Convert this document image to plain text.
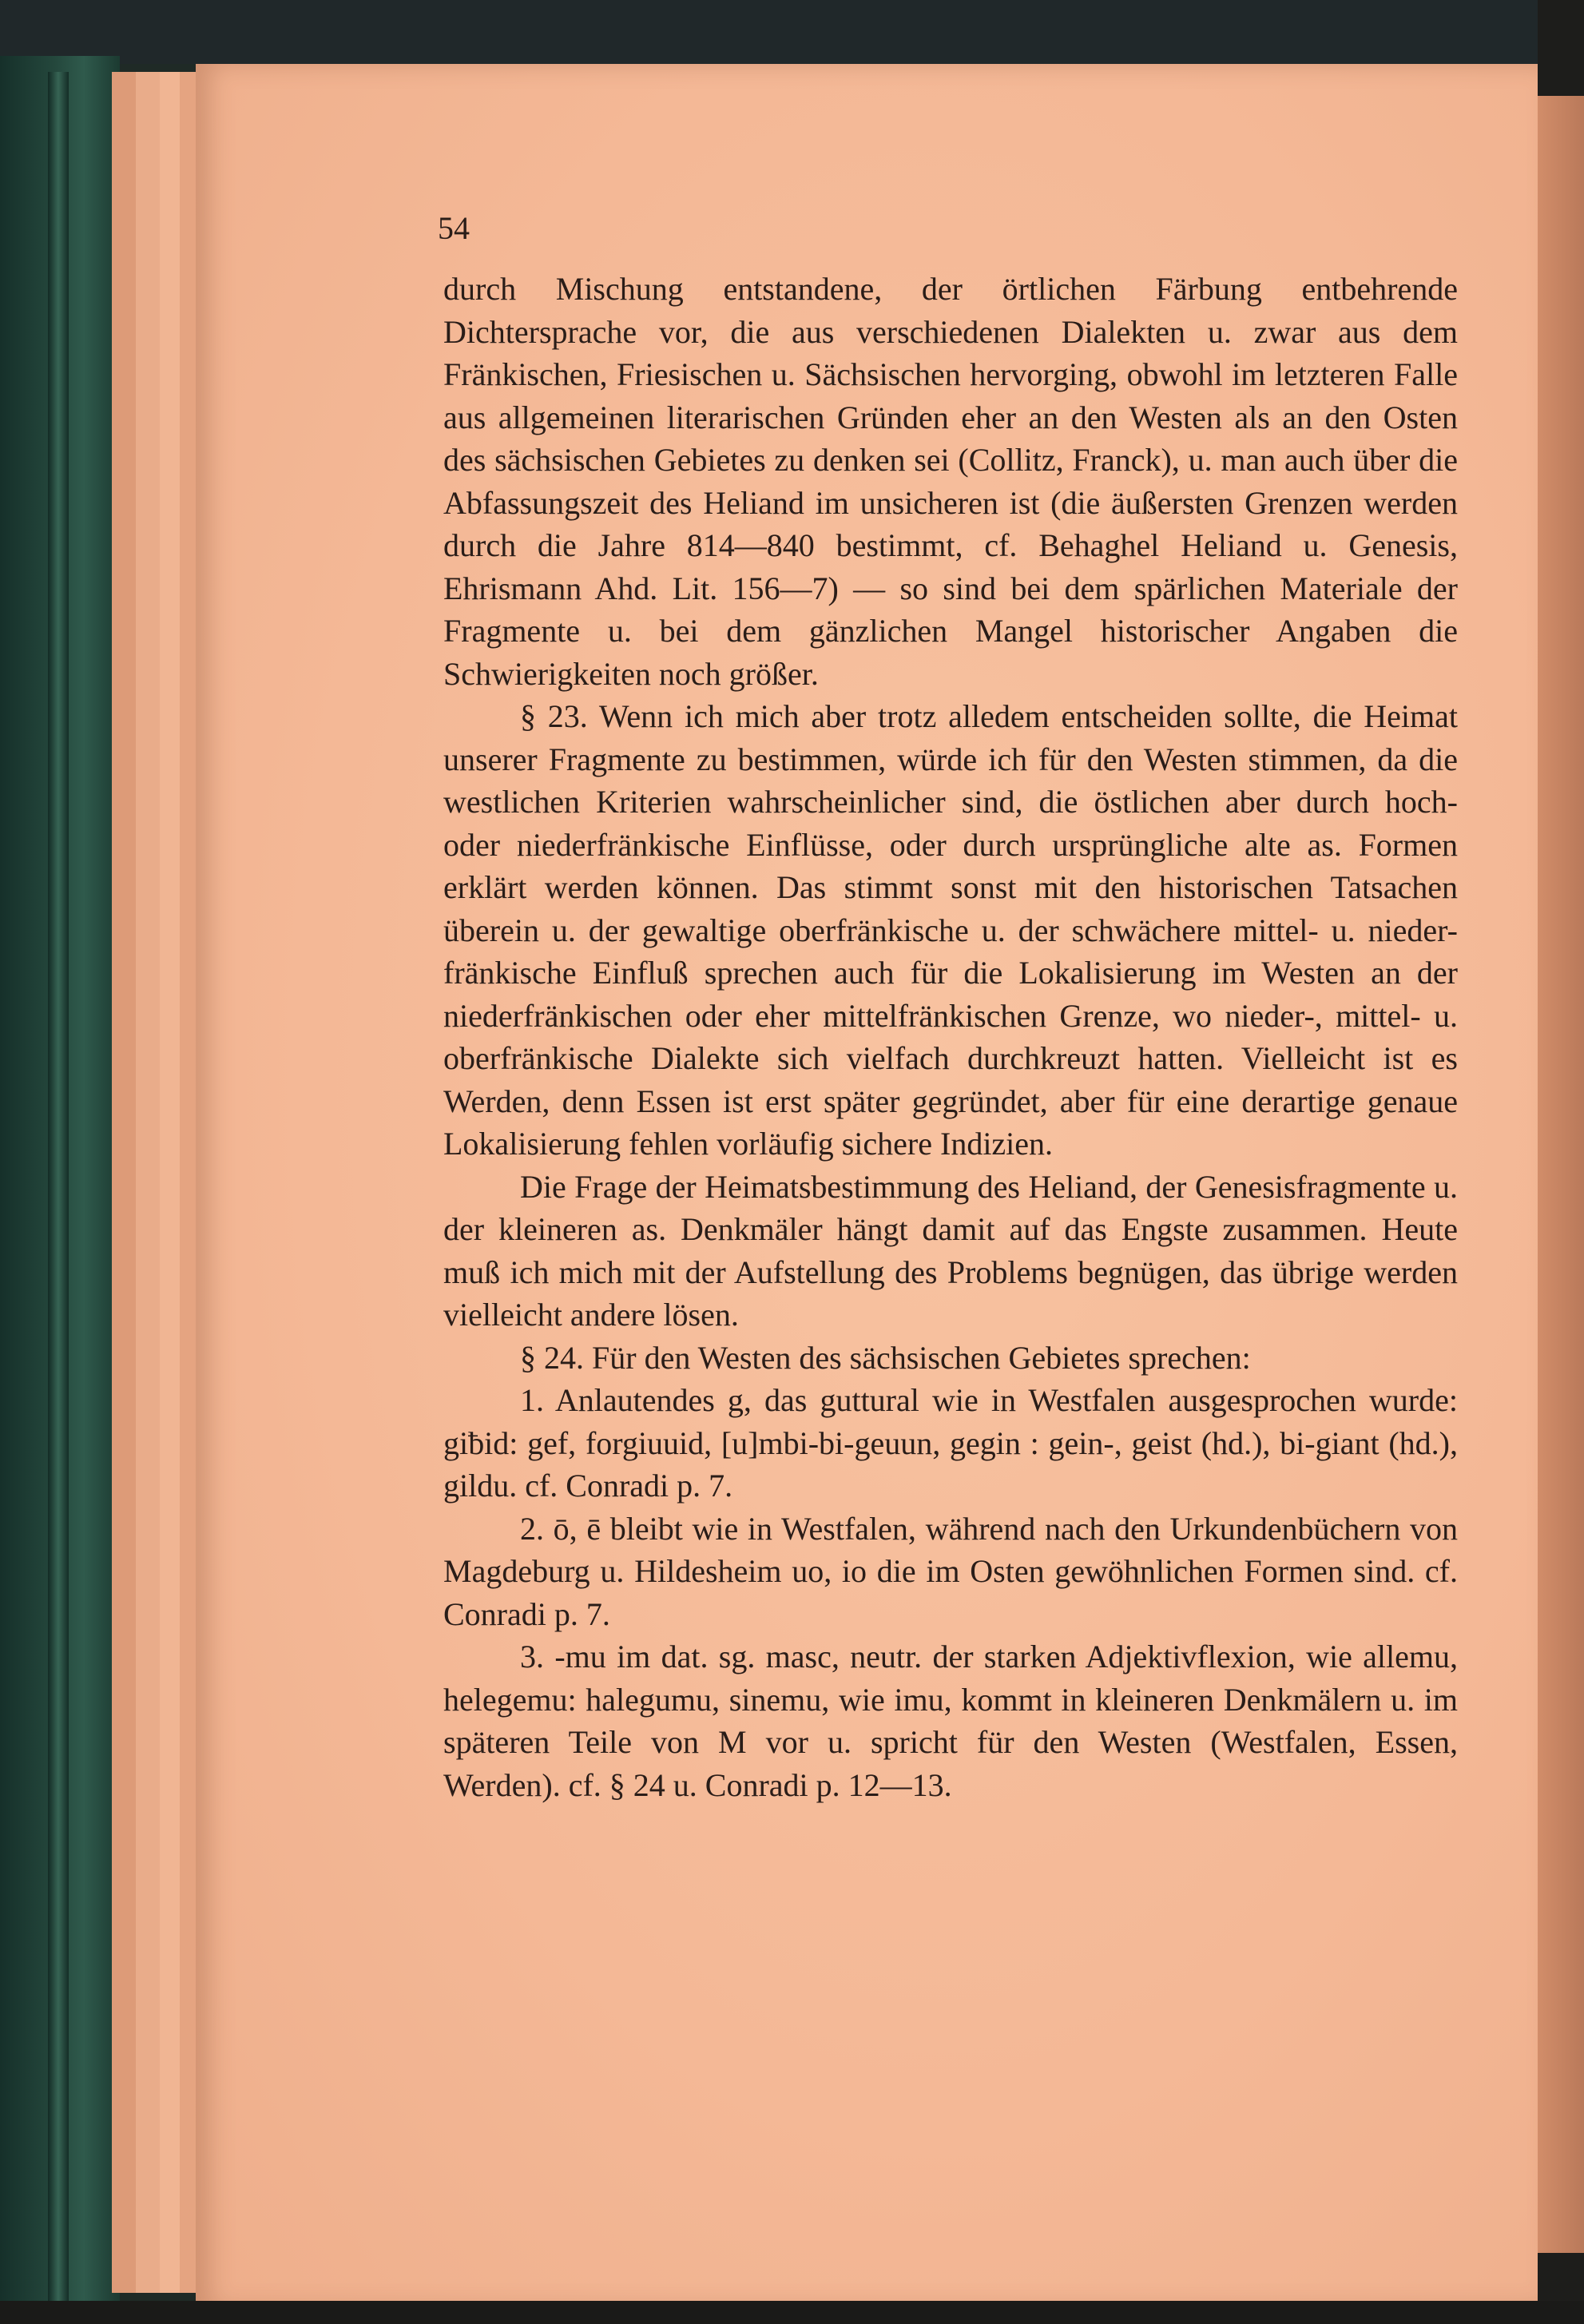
54

durch Mischung entstandene, der örtlichen Färbung entbehrende Dichtersprache vor, die aus verschiedenen Dialekten u. zwar aus dem Fränkischen, Friesischen u. Sächsischen hervorging, obwohl im letzteren Falle aus allgemeinen literarischen Gründen eher an den Westen als an den Osten des sächsischen Gebietes zu denken sei (Collitz, Franck), u. man auch über die Abfassungszeit des Heliand im unsicheren ist (die äußersten Grenzen werden durch die Jahre 814—840 bestimmt, cf. Behaghel Heliand u. Genesis, Ehrismann Ahd. Lit. 156—7) — so sind bei dem spärlichen Materiale der Fragmente u. bei dem gänzlichen Mangel historischer Angaben die Schwierigkeiten noch größer.

§ 23. Wenn ich mich aber trotz alledem entscheiden sollte, die Heimat unserer Fragmente zu bestimmen, würde ich für den Westen stimmen, da die westlichen Kriterien wahrscheinlicher sind, die östlichen aber durch hoch- oder niederfränkische Einflüsse, oder durch ursprüngliche alte as. Formen erklärt werden können. Das stimmt sonst mit den historischen Tatsachen überein u. der gewaltige oberfränkische u. der schwächere mittel- u. nieder-fränkische Einfluß sprechen auch für die Lokalisierung im Westen an der niederfränkischen oder eher mittelfränkischen Grenze, wo nieder-, mittel- u. oberfränkische Dialekte sich vielfach durchkreuzt hatten. Vielleicht ist es Werden, denn Essen ist erst später gegründet, aber für eine derartige genaue Lokalisierung fehlen vorläufig sichere Indizien.

Die Frage der Heimatsbestimmung des Heliand, der Genesisfragmente u. der kleineren as. Denkmäler hängt damit auf das Engste zusammen. Heute muß ich mich mit der Aufstellung des Problems begnügen, das übrige werden vielleicht andere lösen.

§ 24. Für den Westen des sächsischen Gebietes sprechen:

1. Anlautendes g, das guttural wie in Westfalen ausgesprochen wurde: giƀid: gef, forgiuuid, [u]mbi-bi-geuun, gegin : gein-, geist (hd.), bi-giant (hd.), gildu. cf. Conradi p. 7.

2. ō, ē bleibt wie in Westfalen, während nach den Urkundenbüchern von Magdeburg u. Hildesheim uo, io die im Osten gewöhnlichen Formen sind. cf. Conradi p. 7.

3. -mu im dat. sg. masc, neutr. der starken Adjektivflexion, wie allemu, helegemu: halegumu, sinemu, wie imu, kommt in kleineren Denkmälern u. im späteren Teile von M vor u. spricht für den Westen (Westfalen, Essen, Werden). cf. § 24 u. Conradi p. 12—13.
